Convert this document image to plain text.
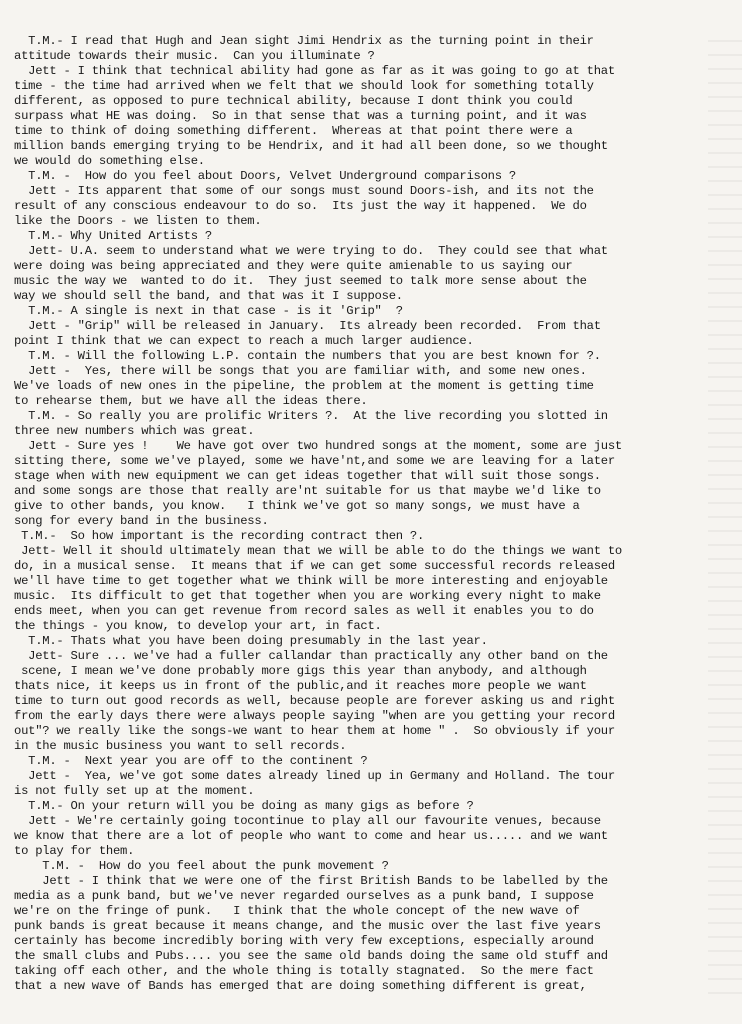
T.M.- I read that Hugh and Jean sight Jimi Hendrix as the turning point in their
attitude towards their music.  Can you illuminate ?
Jett - I think that technical ability had gone as far as it was going to go at that
time - the time had arrived when we felt that we should look for something totally
different, as opposed to pure technical ability, because I dont think you could
surpass what HE was doing.  So in that sense that was a turning point, and it was
time to think of doing something different.  Whereas at that point there were a
million bands emerging trying to be Hendrix, and it had all been done, so we thought
we would do something else.
T.M. -  How do you feel about Doors, Velvet Underground comparisons ?
Jett - Its apparent that some of our songs must sound Doors-ish, and its not the
result of any conscious endeavour to do so.  Its just the way it happened.  We do
like the Doors - we listen to them.
T.M.- Why United Artists ?
Jett- U.A. seem to understand what we were trying to do.  They could see that what
were doing was being appreciated and they were quite amienable to us saying our
music the way we  wanted to do it.  They just seemed to talk more sense about the
way we should sell the band, and that was it I suppose.
T.M.- A single is next in that case - is it 'Grip"  ?
Jett - "Grip" will be released in January.  Its already been recorded.  From that
point I think that we can expect to reach a much larger audience.
T.M. - Will the following L.P. contain the numbers that you are best known for ?.
Jett -  Yes, there will be songs that you are familiar with, and some new ones.
We've loads of new ones in the pipeline, the problem at the moment is getting time
to rehearse them, but we have all the ideas there.
T.M. - So really you are prolific Writers ?.  At the live recording you slotted in
three new numbers which was great.
Jett - Sure yes !    We have got over two hundred songs at the moment, some are just
sitting there, some we've played, some we have'nt,and some we are leaving for a later
stage when with new equipment we can get ideas together that will suit those songs.
and some songs are those that really are'nt suitable for us that maybe we'd like to
give to other bands, you know.   I think we've got so many songs, we must have a
song for every band in the business.
T.M.-  So how important is the recording contract then ?.
Jett- Well it should ultimately mean that we will be able to do the things we want to
do, in a musical sense.  It means that if we can get some successful records released
we'll have time to get together what we think will be more interesting and enjoyable
music.  Its difficult to get that together when you are working every night to make
ends meet, when you can get revenue from record sales as well it enables you to do
the things - you know, to develop your art, in fact.
T.M.- Thats what you have been doing presumably in the last year.
Jett- Sure ... we've had a fuller callandar than practically any other band on the
scene, I mean we've done probably more gigs this year than anybody, and although
thats nice, it keeps us in front of the public,and it reaches more people we want
time to turn out good records as well, because people are forever asking us and right
from the early days there were always people saying "when are you getting your record
out"? we really like the songs-we want to hear them at home " .  So obviously if your
in the music business you want to sell records.
T.M. -  Next year you are off to the continent ?
Jett -  Yea, we've got some dates already lined up in Germany and Holland. The tour
is not fully set up at the moment.
T.M.- On your return will you be doing as many gigs as before ?
Jett - We're certainly going tocontinue to play all our favourite venues, because
we know that there are a lot of people who want to come and hear us..... and we want
to play for them.
T.M. -  How do you feel about the punk movement ?
Jett - I think that we were one of the first British Bands to be labelled by the
media as a punk band, but we've never regarded ourselves as a punk band, I suppose
we're on the fringe of punk.   I think that the whole concept of the new wave of
punk bands is great because it means change, and the music over the last five years
certainly has become incredibly boring with very few exceptions, especially around
the small clubs and Pubs.... you see the same old bands doing the same old stuff and
taking off each other, and the whole thing is totally stagnated.  So the mere fact
that a new wave of Bands has emerged that are doing something different is great,
